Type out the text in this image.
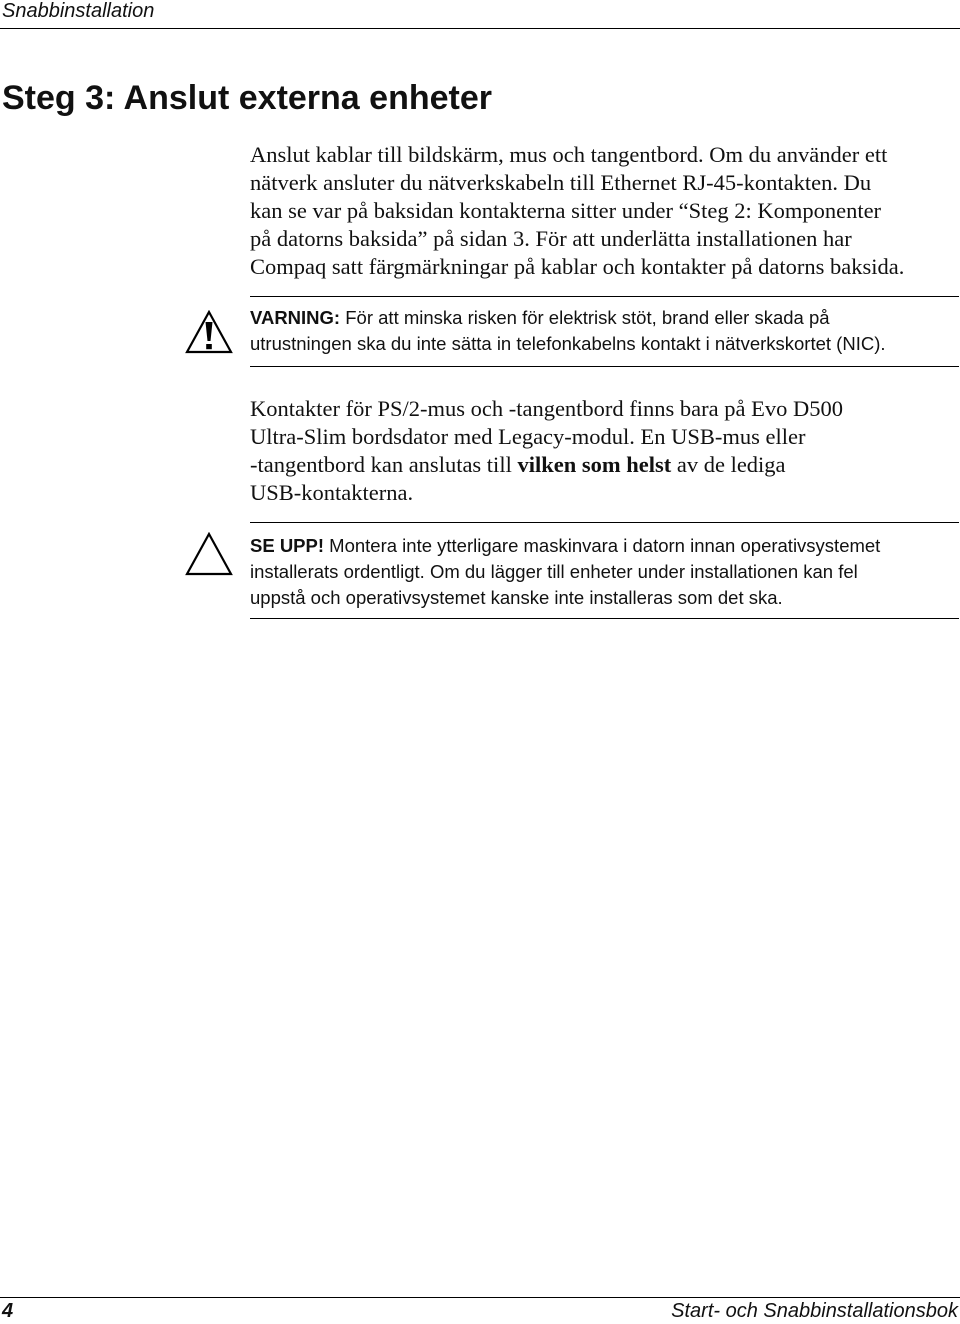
Snabbinstallation
Steg 3: Anslut externa enheter

Anslut kablar till bildskärm, mus och tangentbord. Om du använder ett
nätverk ansluter du nätverkskabeln till Ethernet RJ-45-kontakten. Du
kan se var på baksidan kontakterna sitter under “Steg 2: Komponenter
på datorns baksida” på sidan 3. För att underlätta installationen har
Compaq satt färgmärkningar på kablar och kontakter på datorns baksida.

VARNING: För att minska risken för elektrisk stöt, brand eller skada på
utrustningen ska du inte sätta in telefonkabelns kontakt i nätverkskortet (NIC).

Kontakter för PS/2-mus och -tangentbord finns bara på Evo D500
Ultra-Slim bordsdator med Legacy-modul. En USB-mus eller
-tangentbord kan anslutas till vilken som helst av de lediga
USB-kontakterna.

SE UPP! Montera inte ytterligare maskinvara i datorn innan operativsystemet
installerats ordentligt. Om du lägger till enheter under installationen kan fel
uppstå och operativsystemet kanske inte installeras som det ska.
4	Start- och Snabbinstallationsbok
